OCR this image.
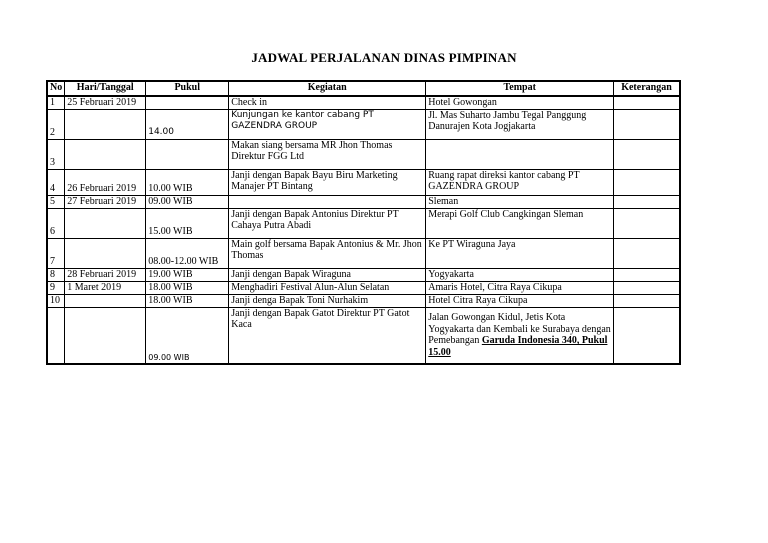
JADWAL PERJALANAN DINAS PIMPINAN
No	Hari/Tanggal	Pukul	Kegiatan	Tempat	Keterangan
1	25 Februari 2019		Check in	Hotel Gowongan	
2		14.00	Kunjungan ke kantor cabang PT GAZENDRA GROUP	Jl. Mas Suharto Jambu Tegal Panggung Danurajen Kota Jogjakarta	
3			Makan siang bersama MR Jhon Thomas Direktur FGG Ltd		
4	26 Februari 2019	10.00 WIB	Janji dengan Bapak Bayu Biru Marketing Manajer PT Bintang	Ruang rapat direksi kantor cabang PT GAZENDRA GROUP	
5	27 Februari 2019	09.00 WIB		Sleman	
6		15.00 WIB	Janji dengan Bapak Antonius Direktur PT Cahaya Putra Abadi	Merapi Golf Club Cangkingan Sleman	
7		08.00-12.00 WIB	Main golf bersama Bapak Antonius & Mr. Jhon Thomas	Ke PT Wiraguna Jaya	
8	28 Februari 2019	19.00 WIB	Janji dengan Bapak Wiraguna	Yogyakarta	
9	1 Maret 2019	18.00 WIB	Menghadiri Festival Alun-Alun Selatan	Amaris Hotel, Citra Raya Cikupa	
10		18.00 WIB	Janji denga Bapak Toni Nurhakim	Hotel Citra Raya Cikupa	
		09.00 WIB	Janji dengan Bapak Gatot Direktur PT Gatot Kaca	Jalan Gowongan Kidul, Jetis Kota Yogyakarta dan Kembali ke Surabaya dengan Pemebangan Garuda Indonesia 340, Pukul 15.00	
